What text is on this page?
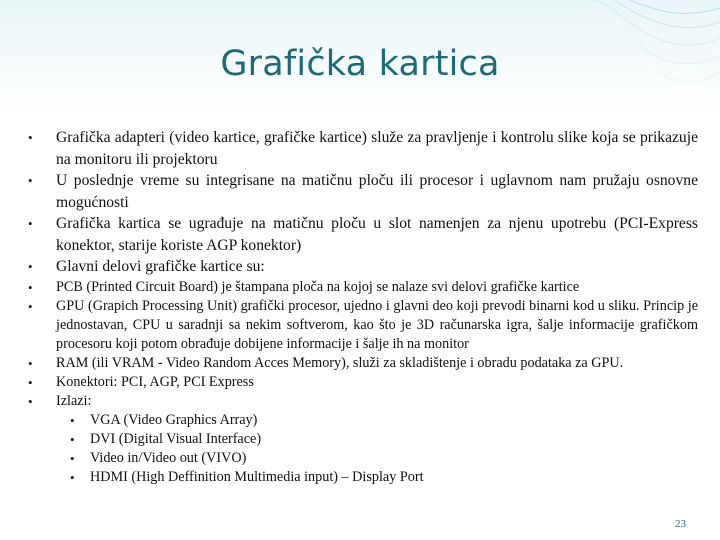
Grafička kartica
• Grafička adapteri (video kartice, grafičke kartice) služe za pravljenje i kontrolu slike koja se prikazuje na monitoru ili projektoru
• U poslednje vreme su integrisane na matičnu ploču ili procesor i uglavnom nam pružaju osnovne mogućnosti
• Grafička kartica se ugrađuje na matičnu ploču u slot namenjen za njenu upotrebu (PCI-Express konektor, starije koriste AGP konektor)
• Glavni delovi grafičke kartice su:
• PCB (Printed Circuit Board) je štampana ploča na kojoj se nalaze svi delovi grafičke kartice
• GPU (Grapich Processing Unit) grafički procesor, ujedno i glavni deo koji prevodi binarni kod u sliku. Princip je jednostavan, CPU u saradnji sa nekim softverom, kao što je 3D računarska igra, šalje informacije grafičkom procesoru koji potom obrađuje dobijene informacije i šalje ih na monitor
• RAM (ili VRAM - Video Random Acces Memory), služi za skladištenje i obradu podataka za GPU.
• Konektori: PCI, AGP, PCI Express
• Izlazi:
• VGA (Video Graphics Array)
• DVI (Digital Visual Interface)
• Video in/Video out (VIVO)
• HDMI (High Deffinition Multimedia input) – Display Port
23
